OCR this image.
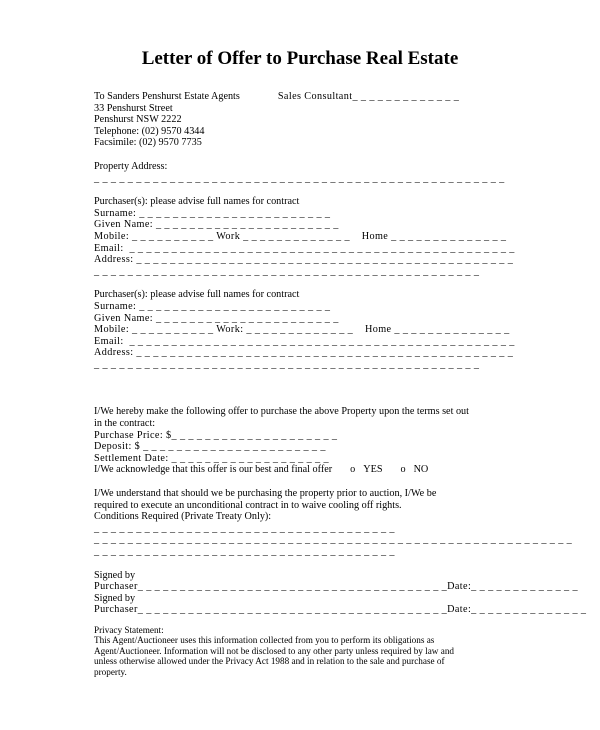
Letter of Offer to Purchase Real Estate
To Sanders Penshurst Estate Agents	Sales Consultant_ _ _ _ _ _ _ _ _ _ _ _ _
33 Penshurst Street
Penshurst NSW 2222
Telephone: (02) 9570 4344
Facsimile: (02) 9570 7735
Property Address:
_ _ _ _ _ _ _ _ _ _ _ _ _ _ _ _ _ _ _ _ _ _ _ _ _ _ _ _ _ _ _ _ _ _ _ _ _ _ _ _ _ _ _ _ _ _ _ _ _
Purchaser(s): please advise full names for contract
Surname: _ _ _ _ _ _ _ _ _ _ _ _ _ _ _ _ _ _ _ _ _ _ _
Given Name: _ _ _ _ _ _ _ _ _ _ _ _ _ _ _ _ _ _ _ _ _ _
Mobile: _ _ _ _ _ _ _ _ _ _ Work _ _ _ _ _ _ _ _ _ _ _ _ _    Home _ _ _ _ _ _ _ _ _ _ _ _ _ _
Email:  _ _ _ _ _ _ _ _ _ _ _ _ _ _ _ _ _ _ _ _ _ _ _ _ _ _ _ _ _ _ _ _ _ _ _ _ _ _ _ _ _ _ _ _ _ _
Address: _ _ _ _ _ _ _ _ _ _ _ _ _ _ _ _ _ _ _ _ _ _ _ _ _ _ _ _ _ _ _ _ _ _ _ _ _ _ _ _ _ _ _ _ _
_ _ _ _ _ _ _ _ _ _ _ _ _ _ _ _ _ _ _ _ _ _ _ _ _ _ _ _ _ _ _ _ _ _ _ _ _ _ _ _ _ _ _ _ _ _
Purchaser(s): please advise full names for contract
Surname: _ _ _ _ _ _ _ _ _ _ _ _ _ _ _ _ _ _ _ _ _ _ _
Given Name: _ _ _ _ _ _ _ _ _ _ _ _ _ _ _ _ _ _ _ _ _ _
Mobile: _ _ _ _ _ _ _ _ _ _ Work: _ _ _ _ _ _ _ _ _ _ _ _ _    Home _ _ _ _ _ _ _ _ _ _ _ _ _ _
Email:  _ _ _ _ _ _ _ _ _ _ _ _ _ _ _ _ _ _ _ _ _ _ _ _ _ _ _ _ _ _ _ _ _ _ _ _ _ _ _ _ _ _ _ _ _ _
Address: _ _ _ _ _ _ _ _ _ _ _ _ _ _ _ _ _ _ _ _ _ _ _ _ _ _ _ _ _ _ _ _ _ _ _ _ _ _ _ _ _ _ _ _ _
_ _ _ _ _ _ _ _ _ _ _ _ _ _ _ _ _ _ _ _ _ _ _ _ _ _ _ _ _ _ _ _ _ _ _ _ _ _ _ _ _ _ _ _ _ _
I/We hereby make the following offer to purchase the above Property upon the terms set out
in the contract:
Purchase Price: $_ _ _ _ _ _ _ _ _ _ _ _ _ _ _ _ _ _ _ _
Deposit: $ _ _ _ _ _ _ _ _ _ _ _ _ _ _ _ _ _ _ _ _ _ _
Settlement Date: _ _ _ _ _ _ _ _ _ _ _ _ _ _ _ _ _ _ _
I/We acknowledge that this offer is our best and final offer o YES o NO
I/We understand that should we be purchasing the property prior to auction, I/We be
required to execute an unconditional contract in to waive cooling off rights.
Conditions Required (Private Treaty Only):
_ _ _ _ _ _ _ _ _ _ _ _ _ _ _ _ _ _ _ _ _ _ _ _ _ _ _ _ _ _ _ _ _ _ _ _
_ _ _ _ _ _ _ _ _ _ _ _ _ _ _ _ _ _ _ _ _ _ _ _ _ _ _ _ _ _ _ _ _ _ _ _ _ _ _ _ _ _ _ _ _ _ _ _ _ _ _ _ _ _ _ _ _
_ _ _ _ _ _ _ _ _ _ _ _ _ _ _ _ _ _ _ _ _ _ _ _ _ _ _ _ _ _ _ _ _ _ _ _
Signed by
Purchaser_ _ _ _ _ _ _ _ _ _ _ _ _ _ _ _ _ _ _ _ _ _ _ _ _ _ _ _ _ _ _ _ _ _ _ _ _Date:_ _ _ _ _ _ _ _ _ _ _ _ _
Signed by
Purchaser_ _ _ _ _ _ _ _ _ _ _ _ _ _ _ _ _ _ _ _ _ _ _ _ _ _ _ _ _ _ _ _ _ _ _ _ _Date:_ _ _ _ _ _ _ _ _ _ _ _ _ _
Privacy Statement:
This Agent/Auctioneer uses this information collected from you to perform its obligations as
Agent/Auctioneer. Information will not be disclosed to any other party unless required by law and
unless otherwise allowed under the Privacy Act 1988 and in relation to the sale and purchase of
property.
